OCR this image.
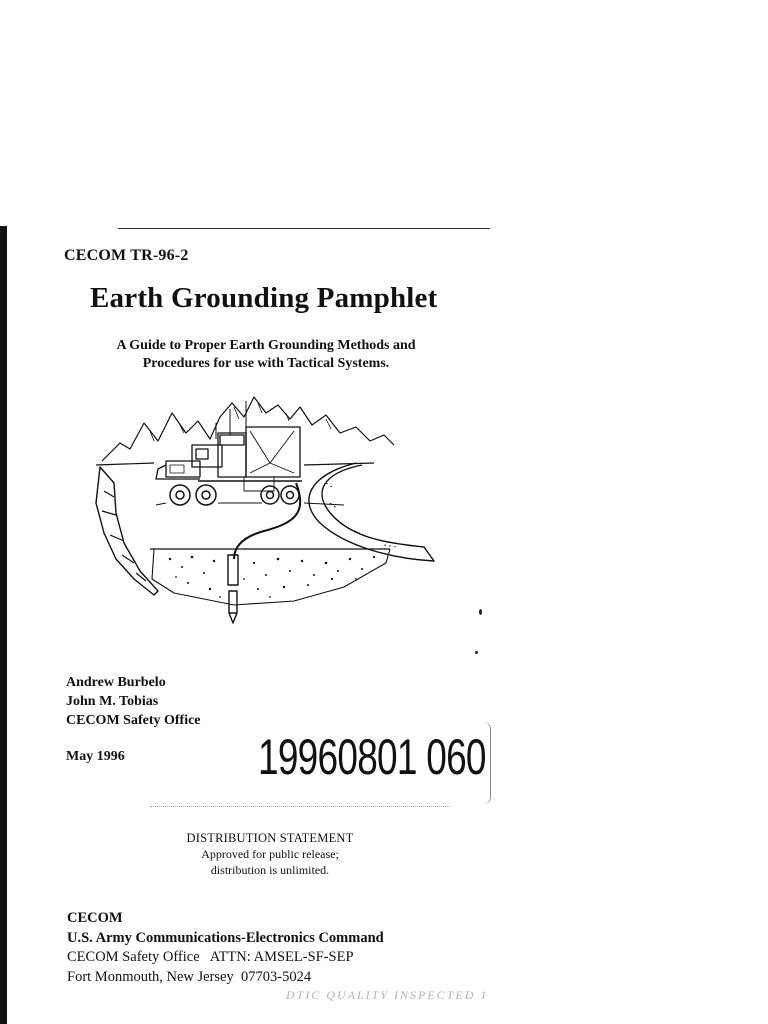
CECOM TR-96-2
Earth Grounding Pamphlet
A Guide to Proper Earth Grounding Methods and
Procedures for use with Tactical Systems.
Andrew Burbelo
John M. Tobias
CECOM Safety Office
May 1996	19960801 060
DISTRIBUTION STATEMENT
Approved for public release;
distribution is unlimited.
CECOM
U.S. Army Communications-Electronics Command
CECOM Safety Office   ATTN: AMSEL-SF-SEP
Fort Monmouth, New Jersey  07703-5024
DTIC QUALITY INSPECTED 1
